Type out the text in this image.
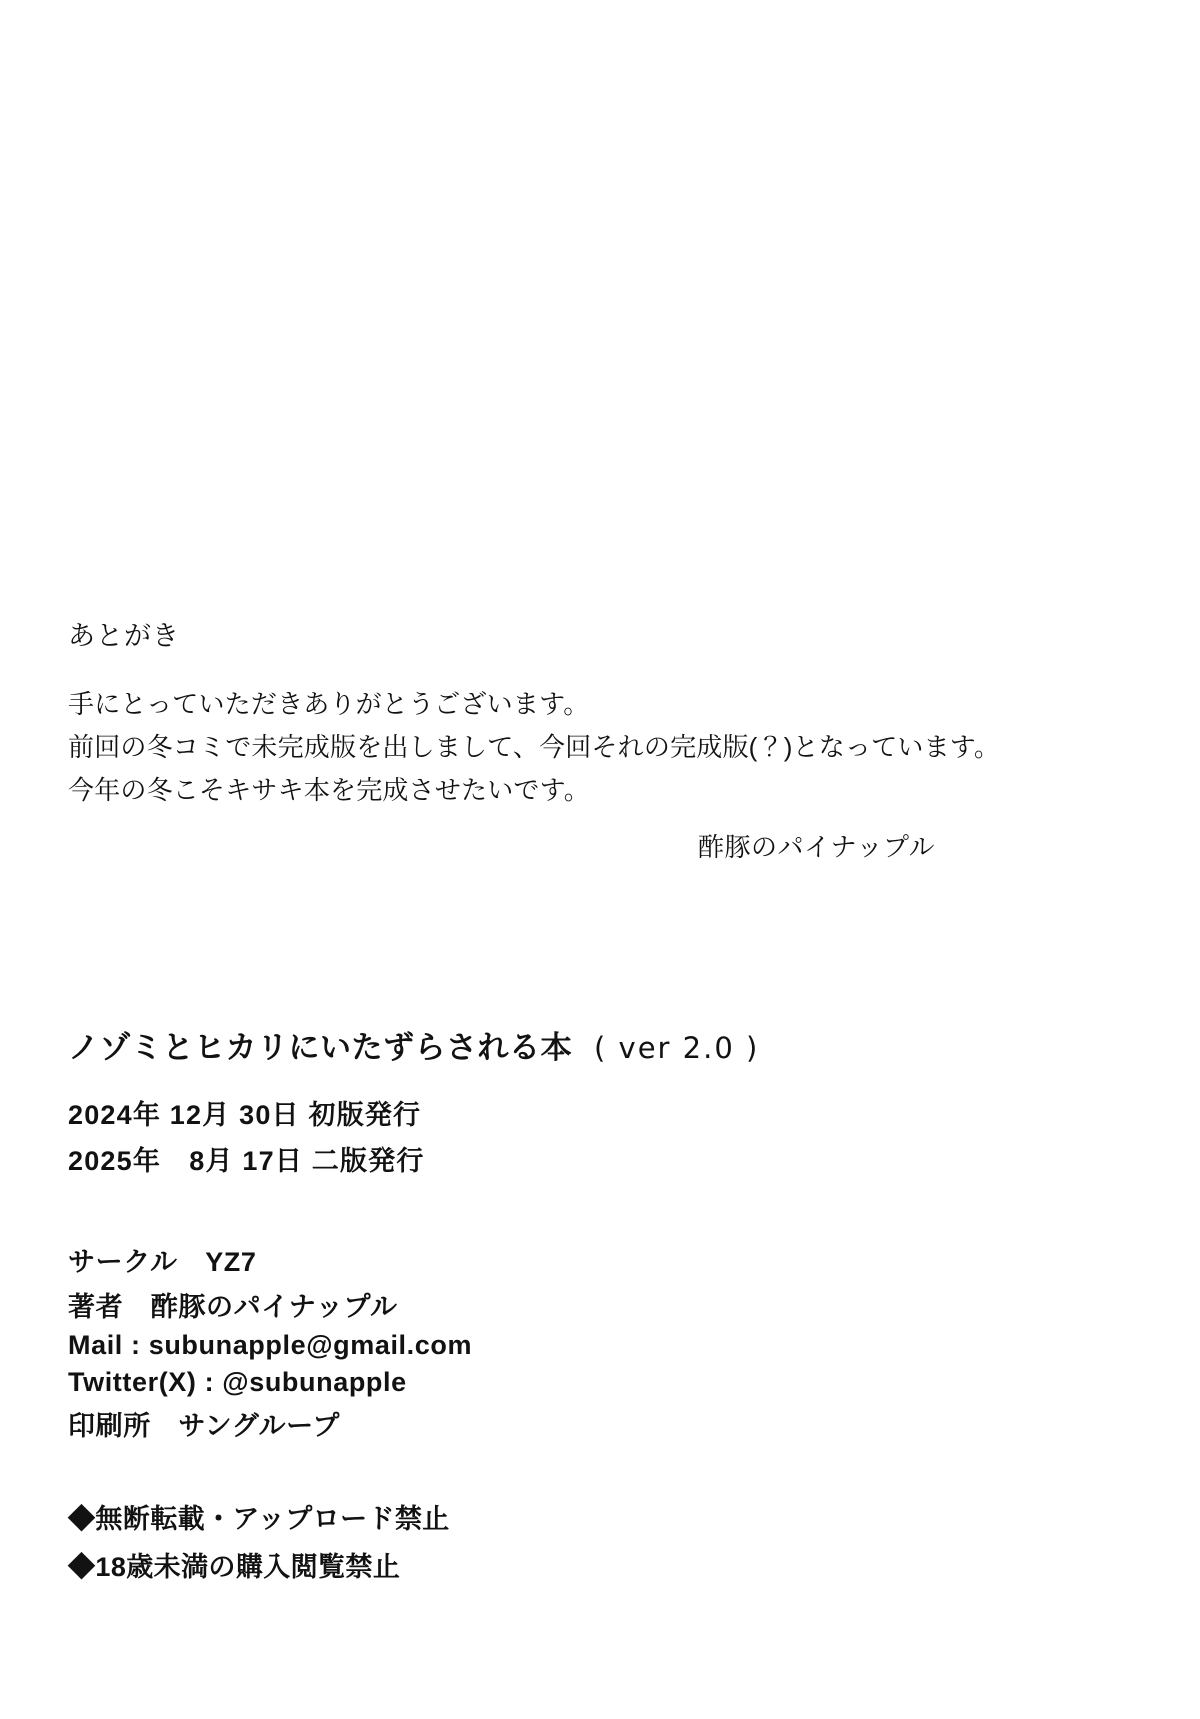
あとがき

手にとっていただきありがとうございます。

前回の冬コミで未完成版を出しまして、今回それの完成版(？)となっています。

今年の冬こそキサキ本を完成させたいです。

酢豚のパイナップル

ノゾミとヒカリにいたずらされる本 ( ver 2.0 )

2024年 12月 30日 初版発行

2025年　8月 17日 二版発行

サークル　YZ7

著者　酢豚のパイナップル

Mail : subunapple@gmail.com

Twitter(X) : @subunapple

印刷所　サングループ

◆無断転載・アップロード禁止

◆18歳未満の購入閲覧禁止
